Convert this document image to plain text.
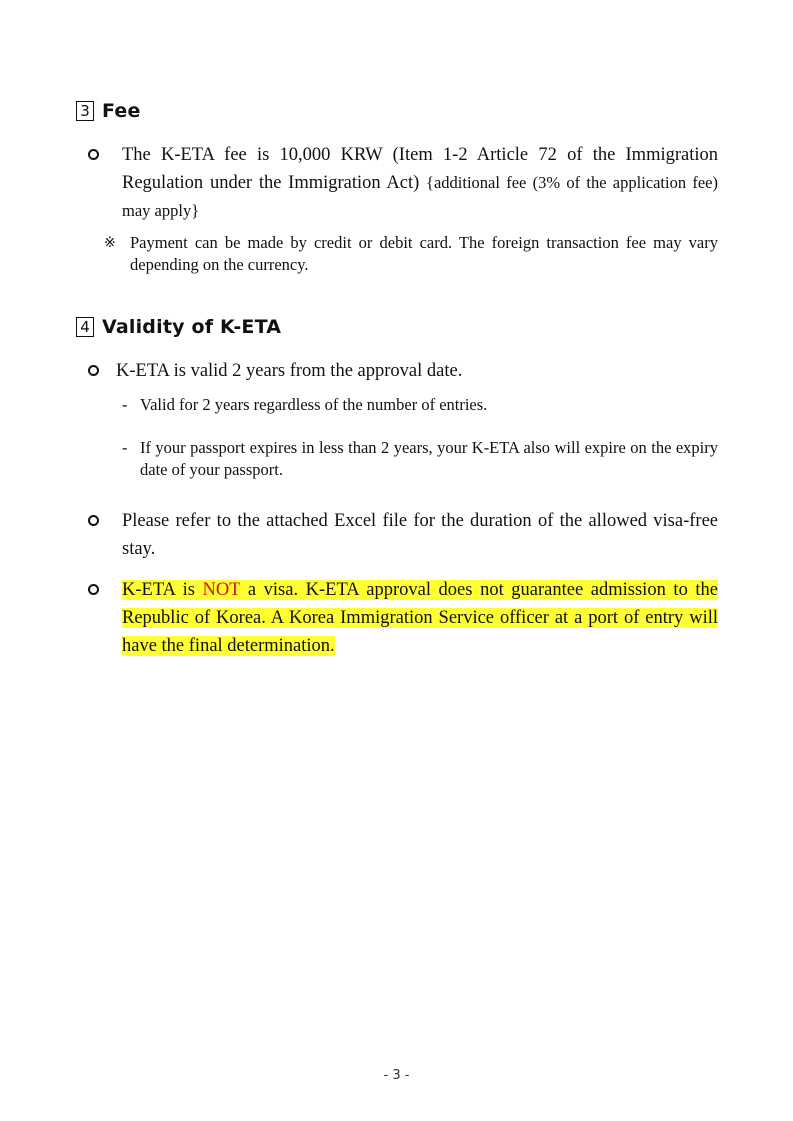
3 Fee
The K-ETA fee is 10,000 KRW (Item 1-2 Article 72 of the Immigration Regulation under the Immigration Act) {additional fee (3% of the application fee) may apply}
※ Payment can be made by credit or debit card. The foreign transaction fee may vary depending on the currency.
4 Validity of K-ETA
K-ETA is valid 2 years from the approval date.
- Valid for 2 years regardless of the number of entries.
- If your passport expires in less than 2 years, your K-ETA also will expire on the expiry date of your passport.
Please refer to the attached Excel file for the duration of the allowed visa-free stay.
K-ETA is NOT a visa. K-ETA approval does not guarantee admission to the Republic of Korea. A Korea Immigration Service officer at a port of entry will have the final determination.
- 3 -
